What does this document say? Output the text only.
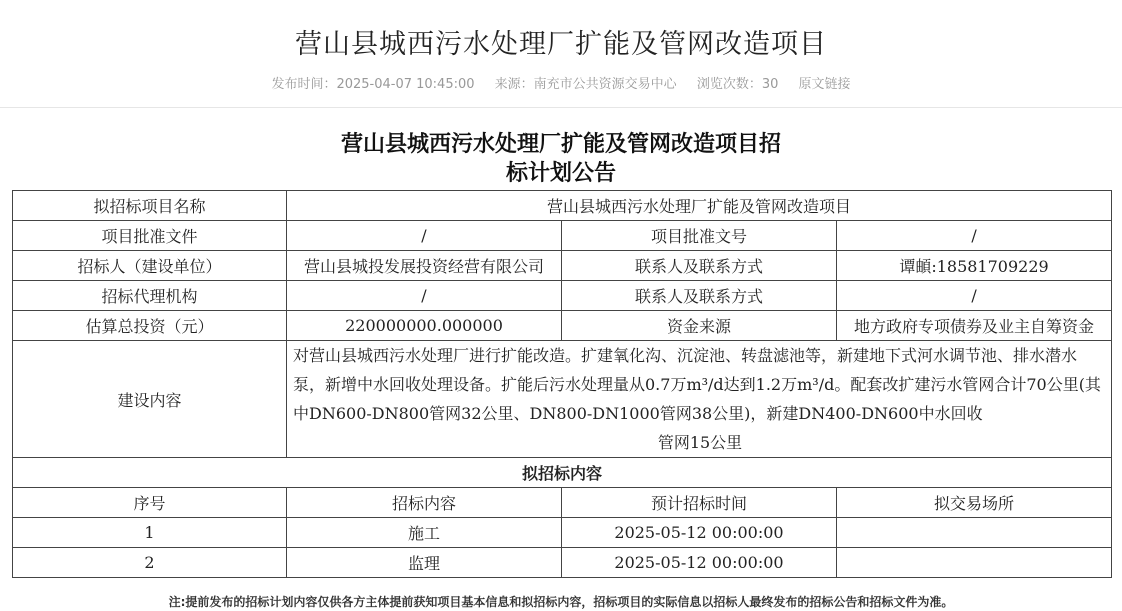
营山县城西污水处理厂扩能及管网改造项目
发布时间：2025-04-07 10:45:00 来源：南充市公共资源交易中心 浏览次数：30 原文链接
营山县城西污水处理厂扩能及管网改造项目招
标计划公告
拟招标项目名称	营山县城西污水处理厂扩能及管网改造项目		
项目批准文件	/	项目批准文号	/
招标人（建设单位）	营山县城投发展投资经营有限公司	联系人及联系方式	谭頔:18581709229
招标代理机构	/	联系人及联系方式	/
估算总投资（元）	220000000.000000	资金来源	地方政府专项债券及业主自筹资金
建设内容	对营山县城西污水处理厂进行扩能改造。扩建氧化沟、沉淀池、转盘滤池等，新建地下式河水调节池、排水潜水泵，新增中水回收处理设备。扩能后污水处理量从0.7万m³/d达到1.2万m³/d。配套改扩建污水管网合计70公里(其中DN600-DN800管网32公里、DN800-DN1000管网38公里)，新建DN400-DN600中水回收
管网15公里		

拟招标内容			
序号	招标内容	预计招标时间	拟交易场所
1	施工	2025-05-12 00:00:00	
2	监理	2025-05-12 00:00:00	
注:提前发布的招标计划内容仅供各方主体提前获知项目基本信息和拟招标内容，招标项目的实际信息以招标人最终发布的招标公告和招标文件为准。
